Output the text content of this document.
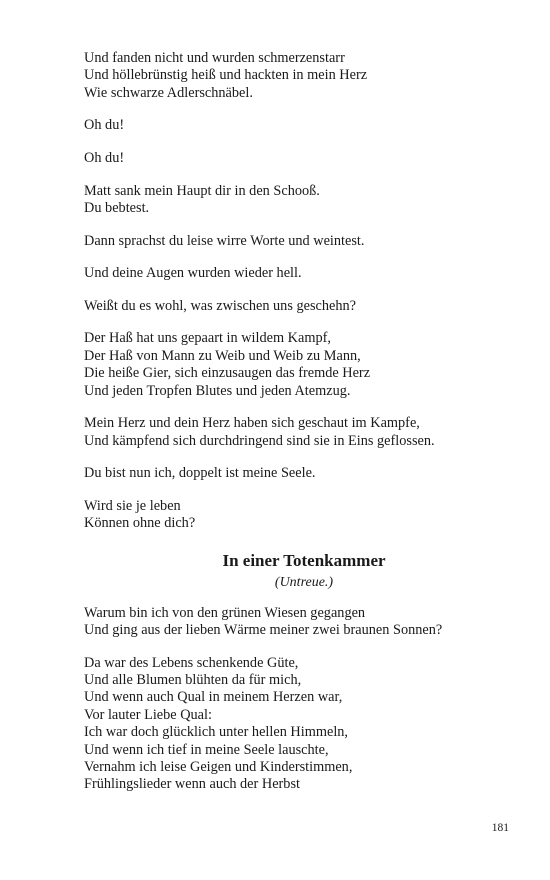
Und fanden nicht und wurden schmerzenstarr
Und höllebrünstig heiß und hackten in mein Herz
Wie schwarze Adlerschnäbel.
Oh du!
Oh du!
Matt sank mein Haupt dir in den Schooß.
Du bebtest.
Dann sprachst du leise wirre Worte und weintest.
Und deine Augen wurden wieder hell.
Weißt du es wohl, was zwischen uns geschehn?
Der Haß hat uns gepaart in wildem Kampf,
Der Haß von Mann zu Weib und Weib zu Mann,
Die heiße Gier, sich einzusaugen das fremde Herz
Und jeden Tropfen Blutes und jeden Atemzug.
Mein Herz und dein Herz haben sich geschaut im Kampfe,
Und kämpfend sich durchdringend sind sie in Eins geflossen.
Du bist nun ich, doppelt ist meine Seele.
Wird sie je leben
Können ohne dich?
In einer Totenkammer
(Untreue.)
Warum bin ich von den grünen Wiesen gegangen
Und ging aus der lieben Wärme meiner zwei braunen Sonnen?
Da war des Lebens schenkende Güte,
Und alle Blumen blühten da für mich,
Und wenn auch Qual in meinem Herzen war,
Vor lauter Liebe Qual:
Ich war doch glücklich unter hellen Himmeln,
Und wenn ich tief in meine Seele lauschte,
Vernahm ich leise Geigen und Kinderstimmen,
Frühlingslieder wenn auch der Herbst
181
